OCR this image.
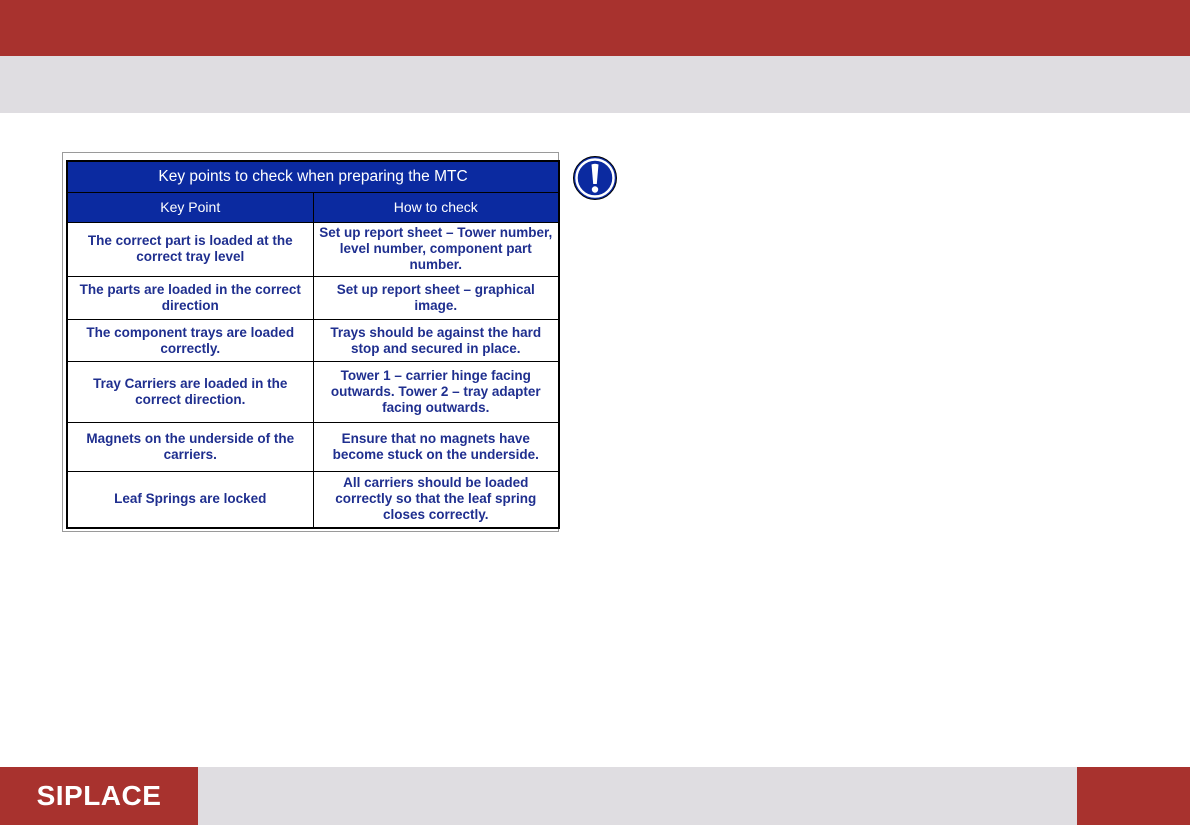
Key points to check when preparing the MTC	
Key Point	How to check
The correct part is loaded at the correct tray level	Set up report sheet – Tower number, level number, component part number.
The parts are loaded in the correct direction	Set up report sheet – graphical image.
The component trays are loaded correctly.	Trays should be against the hard stop and secured in place.
Tray Carriers are loaded in the correct direction.	Tower 1 – carrier hinge facing outwards. Tower 2 – tray adapter facing outwards.
Magnets on the underside of the carriers.	Ensure that no magnets have become stuck on the underside.
Leaf Springs are locked	All carriers should be loaded correctly so that the leaf spring closes correctly.
SIPLACE
